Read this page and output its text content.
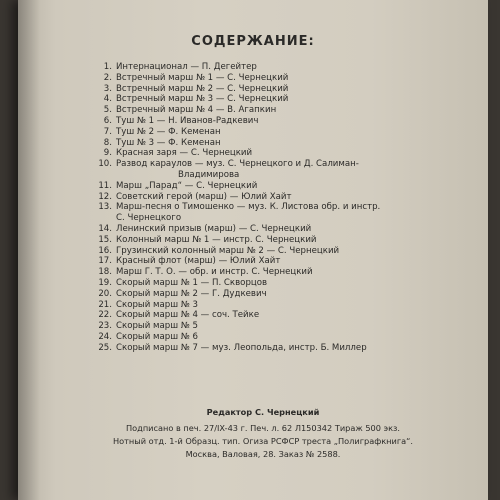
СОДЕРЖАНИЕ:
1. Интернационал — П. Дегейтер
2. Встречный марш № 1 — С. Чернецкий
3. Встречный марш № 2 — С. Чернецкий
4. Встречный марш № 3 — С. Чернецкий
5. Встречный марш № 4 — В. Агапкин
6. Туш № 1 — Н. Иванов-Радкевич
7. Туш № 2 — Ф. Кеменан
8. Туш № 3 — Ф. Кеменан
9. Красная заря — С. Чернецкий
10. Развод караулов — муз. С. Чернецкого и Д. Салиман-
Владимирова
11. Марш „Парад“ — С. Чернецкий
12. Советский герой (марш) — Юлий Хайт
13. Марш-песня о Тимошенко — муз. К. Листова обр. и инстр.
С. Чернецкого
14. Ленинский призыв (марш) — С. Чернецкий
15. Колонный марш № 1 — инстр. С. Чернецкий
16. Грузинский колонный марш № 2 — С. Чернецкий
17. Красный флот (марш) — Юлий Хайт
18. Марш Г. Т. О. — обр. и инстр. С. Чернецкий
19. Скорый марш № 1 — П. Скворцов
20. Скорый марш № 2 — Г. Дудкевич
21. Скорый марш № 3
22. Скорый марш № 4 — соч. Тейке
23. Скорый марш № 5
24. Скорый марш № 6
25. Скорый марш № 7 — муз. Леопольда, инстр. Б. Миллер
Редактор С. Чернецкий
Подписано в печ. 27/IX-43 г. Печ. л. 62 Л150342 Тираж 500 экз.
Нотный отд. 1-й Образц. тип. Огиза РСФСР треста „Полиграфкнига“.
Москва, Валовая, 28. Заказ № 2588.
